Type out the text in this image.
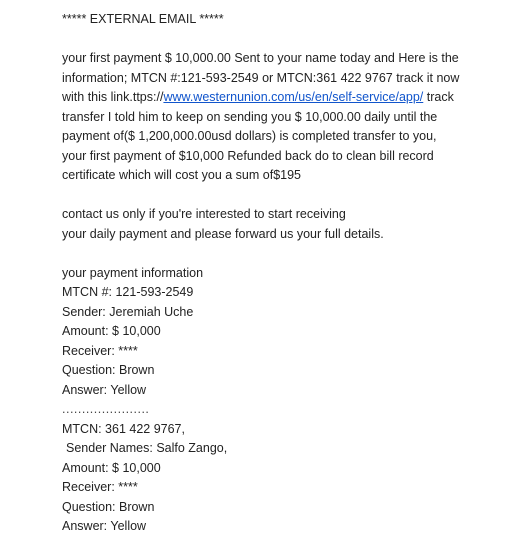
***** EXTERNAL EMAIL *****
your first payment $ 10,000.00 Sent to your name today and Here is the
information; MTCN #:121-593-2549 or MTCN:361 422 9767 track it now
with this link.ttps://www.westernunion.com/us/en/self-service/app/ track
transfer I told him to keep on sending you $ 10,000.00 daily until the
payment of($ 1,200,000.00usd dollars) is completed transfer to you,
your first payment of $10,000 Refunded back do to clean bill record
certificate which will cost you a sum of$195
contact us only if you're interested to start receiving
your daily payment and please forward us your full details.
your payment information
MTCN #: 121-593-2549
Sender: Jeremiah Uche
Amount: $ 10,000
Receiver: ****
Question: Brown
Answer: Yellow
......................
MTCN: 361 422 9767,
Sender Names: Salfo Zango,
Amount: $ 10,000
Receiver: ****
Question: Brown
Answer: Yellow
